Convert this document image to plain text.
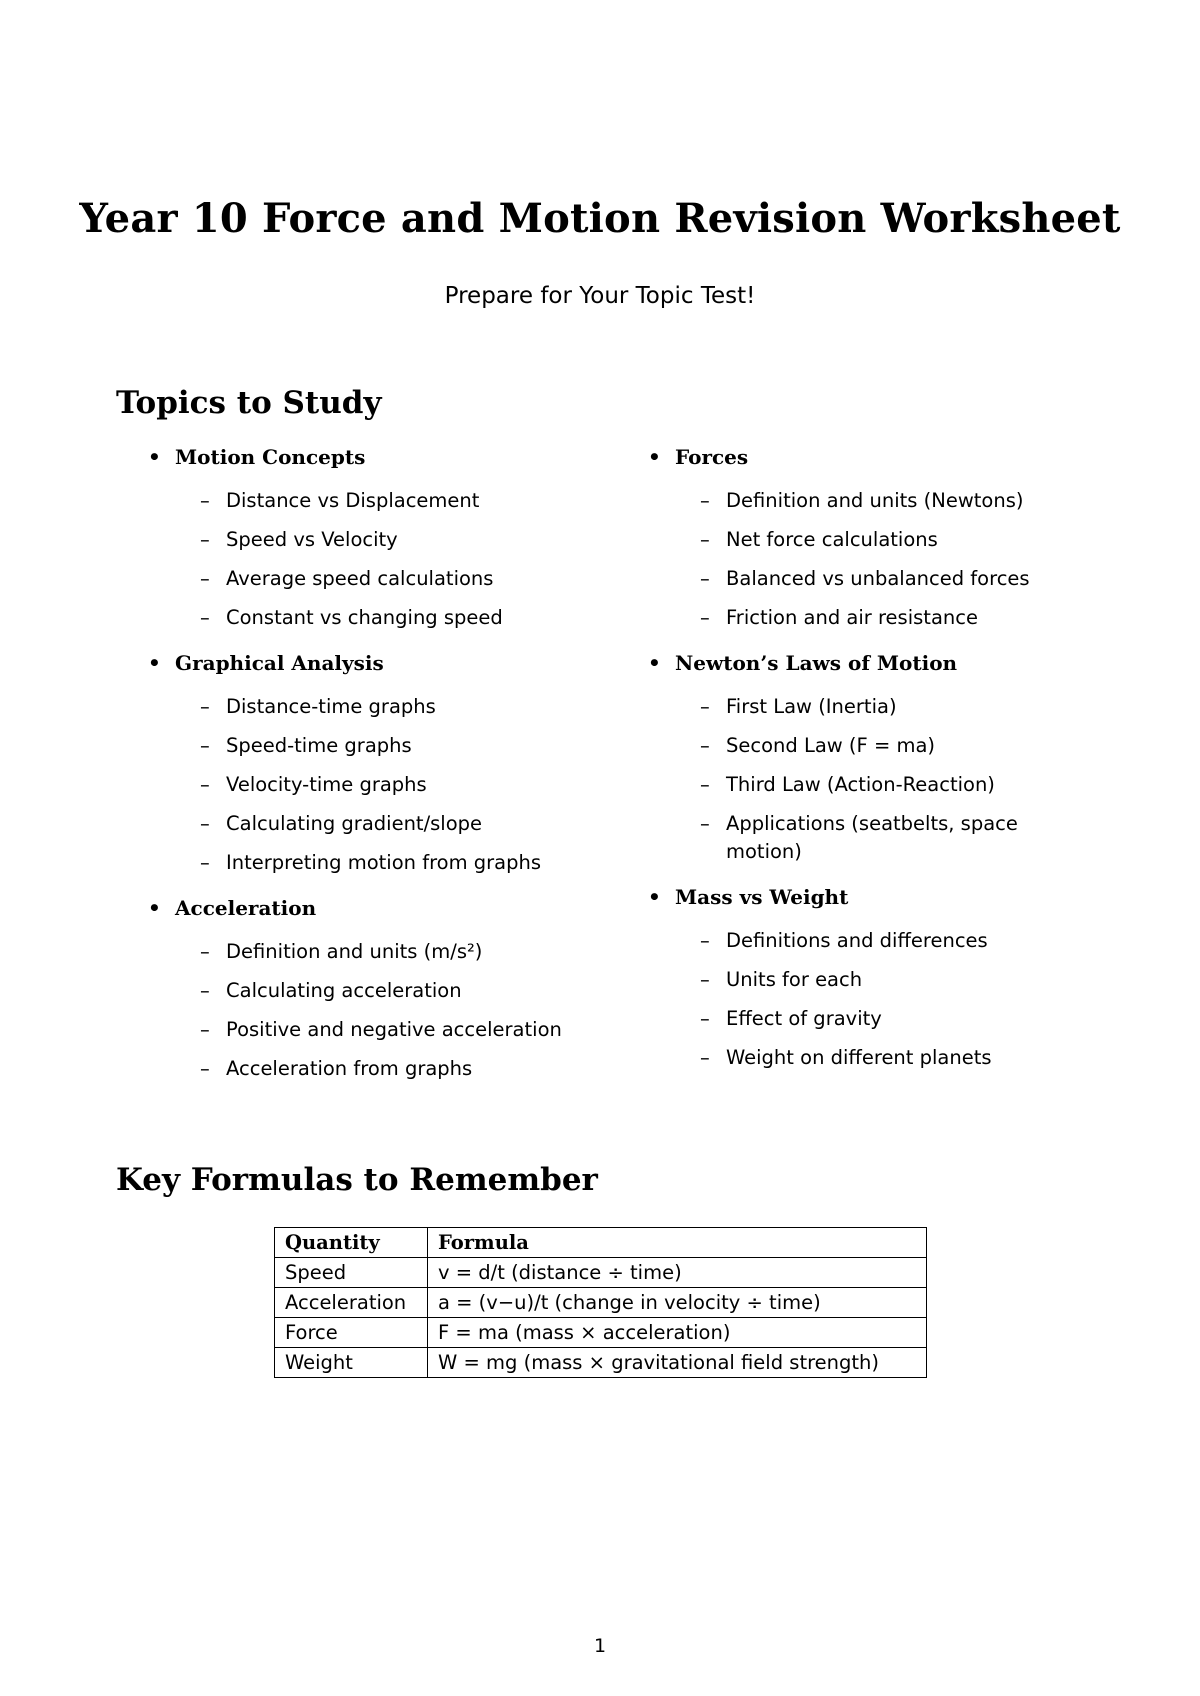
Year 10 Force and Motion Revision Worksheet
Prepare for Your Topic Test!
Topics to Study
• Motion Concepts
– Distance vs Displacement
– Speed vs Velocity
– Average speed calculations
– Constant vs changing speed
• Graphical Analysis
– Distance-time graphs
– Speed-time graphs
– Velocity-time graphs
– Calculating gradient/slope
– Interpreting motion from graphs
• Acceleration
– Definition and units (m/s²)
– Calculating acceleration
– Positive and negative acceleration
– Acceleration from graphs
• Forces
– Definition and units (Newtons)
– Net force calculations
– Balanced vs unbalanced forces
– Friction and air resistance
• Newton’s Laws of Motion
– First Law (Inertia)
– Second Law (F = ma)
– Third Law (Action-Reaction)
– Applications (seatbelts, space motion)
• Mass vs Weight
– Definitions and differences
– Units for each
– Effect of gravity
– Weight on different planets
Key Formulas to Remember
Quantity	Formula
Speed	v = d/t (distance ÷ time)
Acceleration	a = (v−u)/t (change in velocity ÷ time)
Force	F = ma (mass × acceleration)
Weight	W = mg (mass × gravitational field strength)
1
